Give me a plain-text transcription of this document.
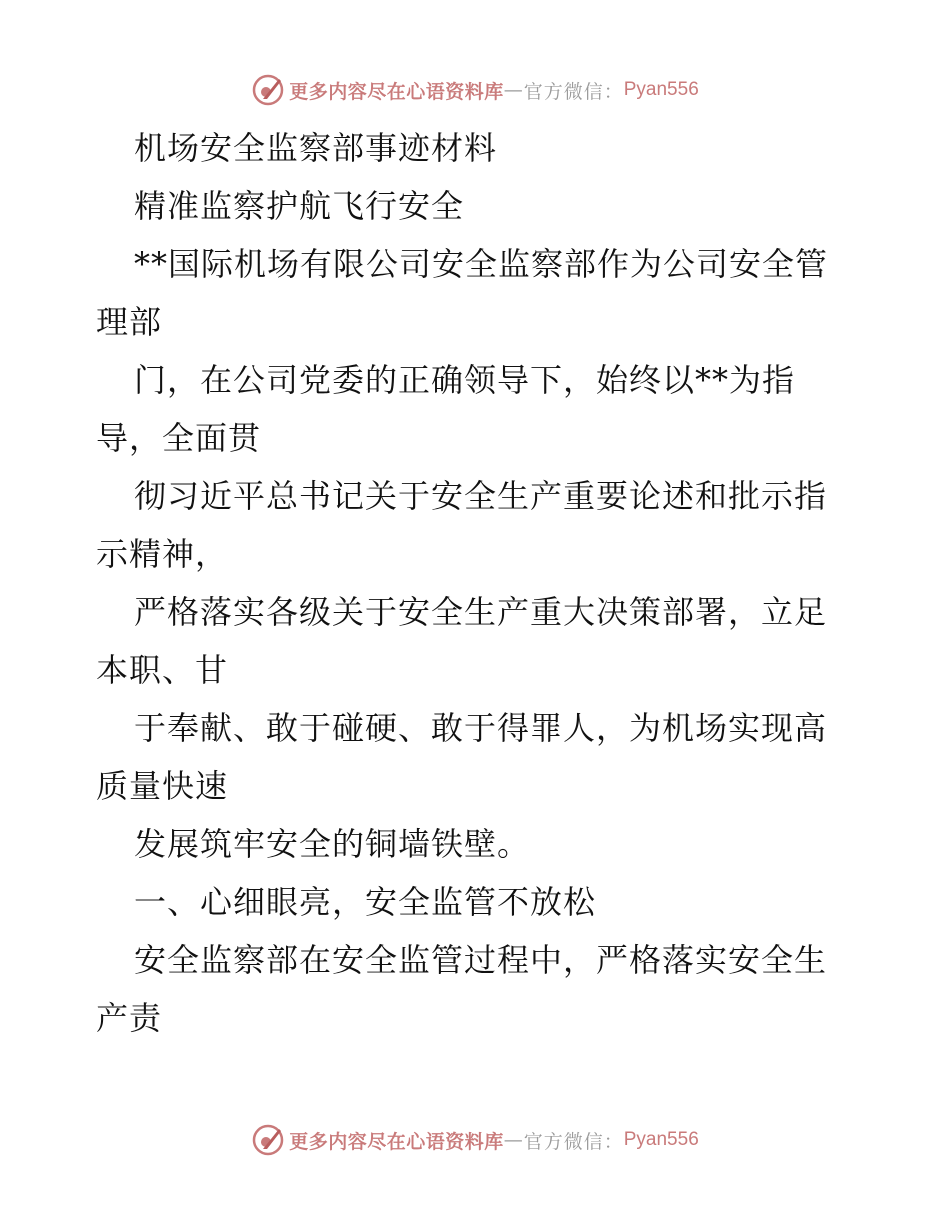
更多内容尽在心语资料库 — 官方微信： Pyan556
机场安全监察部事迹材料
精准监察护航飞行安全
**国际机场有限公司安全监察部作为公司安全管
理部
门，在公司党委的正确领导下，始终以**为指
导，全面贯
彻习近平总书记关于安全生产重要论述和批示指
示精神，
严格落实各级关于安全生产重大决策部署，立足
本职、甘
于奉献、敢于碰硬、敢于得罪人，为机场实现高
质量快速
发展筑牢安全的铜墙铁壁。
一、心细眼亮，安全监管不放松
安全监察部在安全监管过程中，严格落实安全生
产责
更多内容尽在心语资料库 — 官方微信： Pyan556
